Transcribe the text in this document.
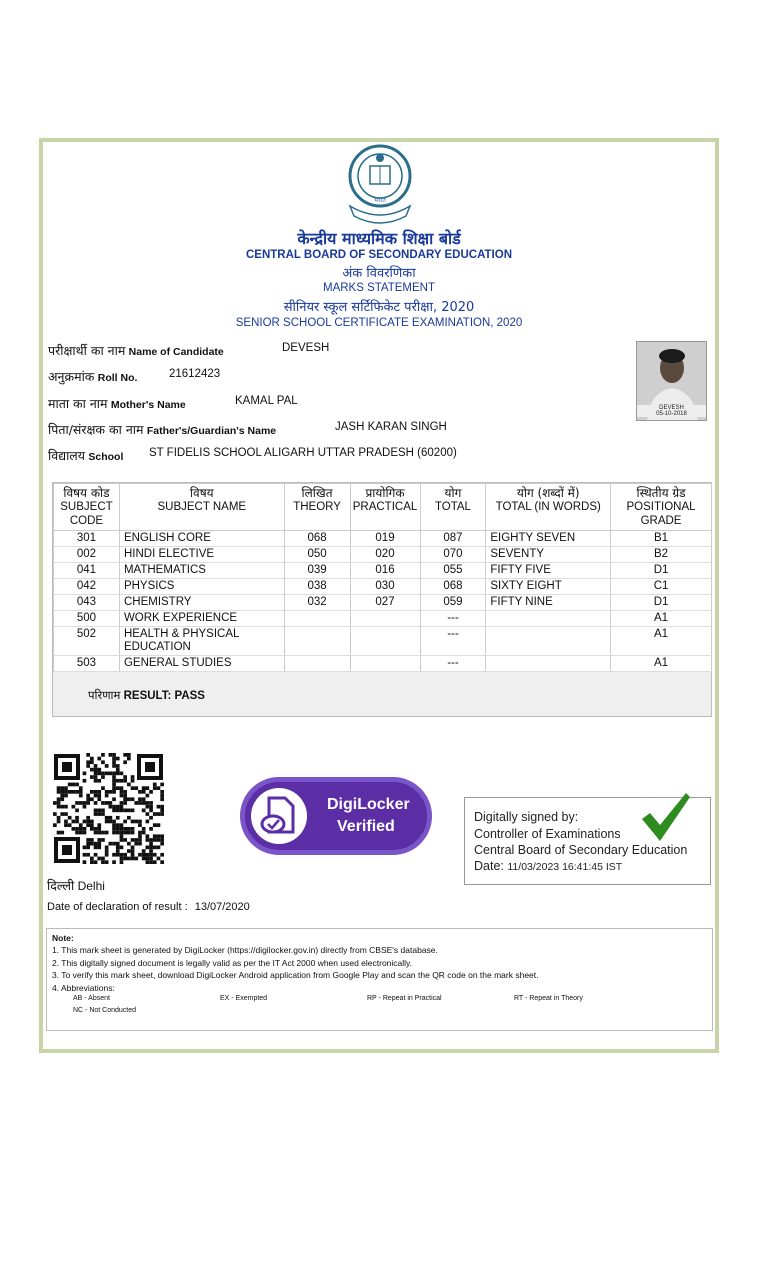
भारत
केन्द्रीय माध्यमिक शिक्षा बोर्ड
CENTRAL BOARD OF SECONDARY EDUCATION
अंक विवरणिका
MARKS STATEMENT
सीनियर स्कूल सर्टिफिकेट परीक्षा, 2020
SENIOR SCHOOL CERTIFICATE EXAMINATION, 2020
परीक्षार्थी का नाम Name of Candidate	DEVESH
अनुक्रमांक Roll No.	21612423
माता का नाम Mother's Name	KAMAL PAL
पिता/संरक्षक का नाम Father's/Guardian's Name	JASH KARAN SINGH
विद्यालय School ST FIDELIS SCHOOL ALIGARH UTTAR PRADESH (60200)
DEVESH
05-10-2018
विषय कोड
SUBJECT CODE	विषय
SUBJECT NAME	लिखित
THEORY	प्रायोगिक
PRACTICAL	योग
TOTAL	योग (शब्दों में)
TOTAL (IN WORDS)	स्थितीय ग्रेड
POSITIONAL GRADE
301	ENGLISH CORE	068	019	087	EIGHTY SEVEN	B1
002	HINDI ELECTIVE	050	020	070	SEVENTY	B2
041	MATHEMATICS	039	016	055	FIFTY FIVE	D1
042	PHYSICS	038	030	068	SIXTY EIGHT	C1
043	CHEMISTRY	032	027	059	FIFTY NINE	D1
500	WORK EXPERIENCE			---		A1
502	HEALTH & PHYSICAL EDUCATION			---		A1
503	GENERAL STUDIES			---		A1
परिणाम RESULT: PASS
DigiLocker
Verified
Digitally signed by:
Controller of Examinations
Central Board of Secondary Education
Date: 11/03/2023 16:41:45 IST
दिल्ली Delhi
Date of declaration of result : 13/07/2020
Note:
1. This mark sheet is generated by DigiLocker (https://digilocker.gov.in) directly from CBSE's database.
2. This digitally signed document is legally valid as per the IT Act 2000 when used electronically.
3. To verify this mark sheet, download DigiLocker Android application from Google Play and scan the QR code on the mark sheet.
4. Abbreviations:
AB - Absent	EX - Exempted	RP - Repeat in Practical	RT - Repeat in Theory
NC - Not Conducted
